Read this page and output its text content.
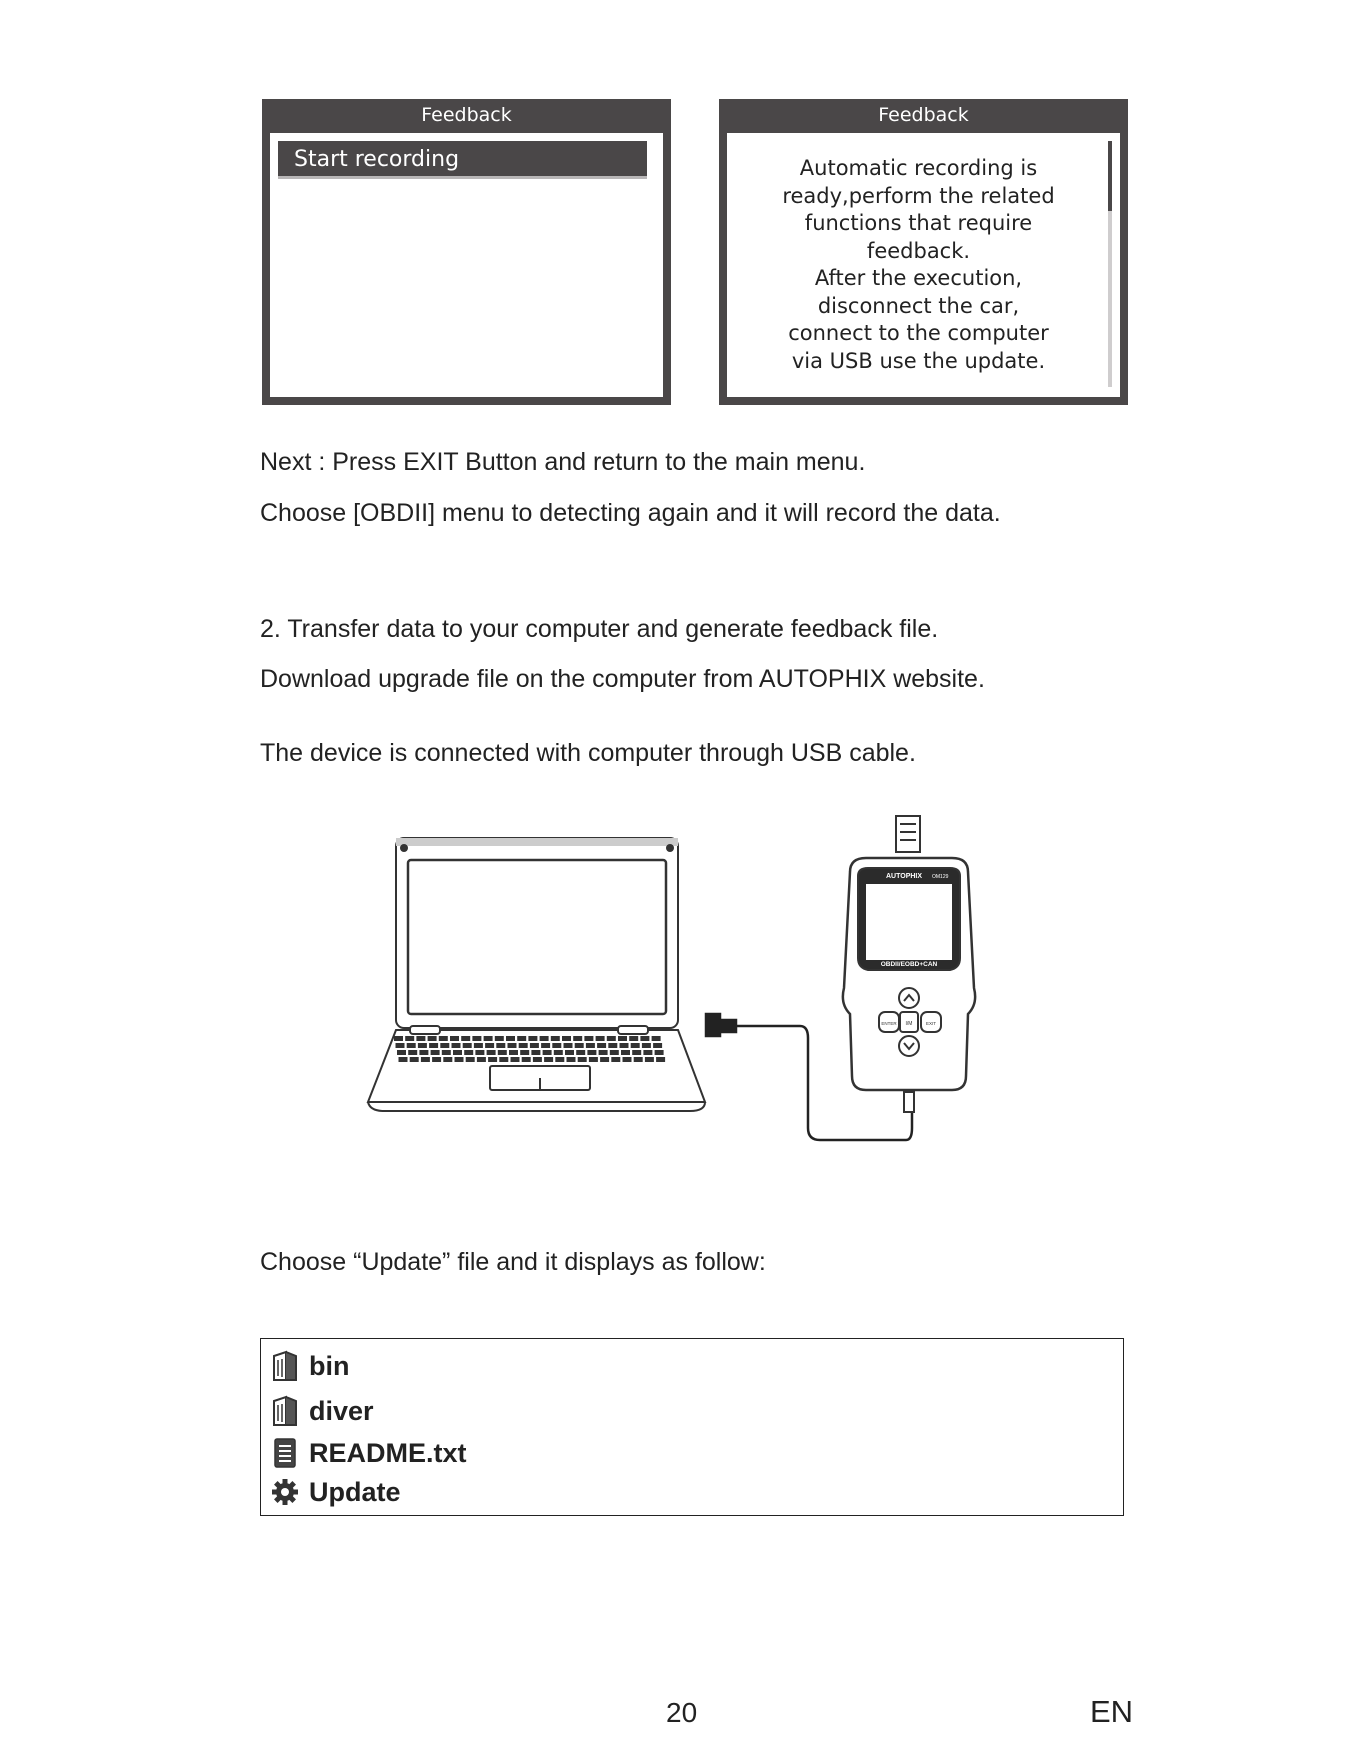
Feedback
Start recording
Feedback
Automatic recording is
ready,perform the related
functions that require
feedback.
After the execution,
disconnect the car,
connect to the computer
via USB use the update.
Next : Press EXIT Button and return to the main menu.
Choose [OBDII] menu to detecting again and it will record the data.
2. Transfer data to your computer and generate feedback file.
Download upgrade file on the computer from AUTOPHIX website.
The device is connected with computer through USB cable.
AUTOPHIX OM129
OBDII/EOBD+CAN
ENTER I/M	EXIT
Choose “Update” file and it displays as follow:
bin
diver
README.txt
Update
20	EN
